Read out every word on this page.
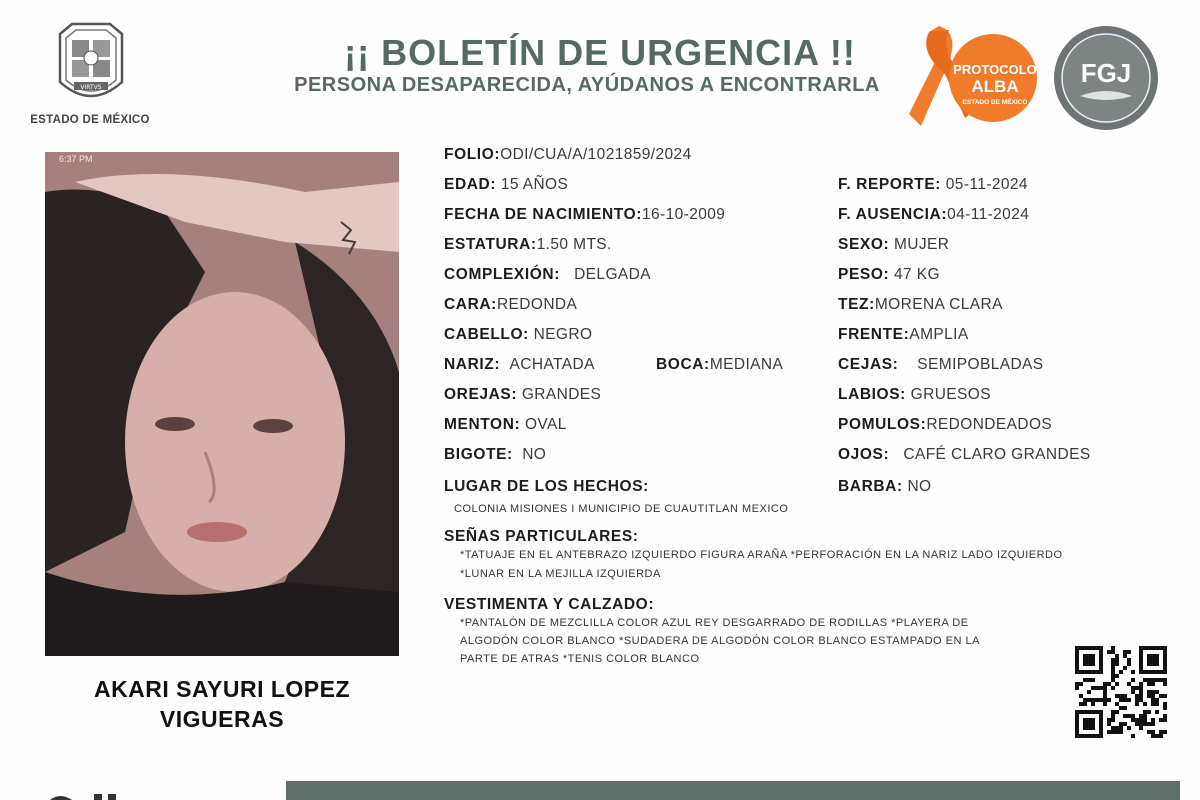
VIRTVS
ESTADO DE MÉXICO
¡¡ BOLETÍN DE URGENCIA !!
PERSONA DESAPARECIDA, AYÚDANOS A ENCONTRARLA
PROTOCOLO
ALBA
ESTADO DE MÉXICO
FGJ
6:37 PM
AKARI SAYURI LOPEZ
VIGUERAS
FOLIO:ODI/CUA/A/1021859/2024
EDAD: 15 AÑOS
FECHA DE NACIMIENTO:16-10-2009
ESTATURA:1.50 MTS.
COMPLEXIÓN: DELGADA
CARA:REDONDA
CABELLO: NEGRO
NARIZ: ACHATADA	BOCA:MEDIANA
OREJAS: GRANDES
MENTON: OVAL
BIGOTE: NO
F. REPORTE: 05-11-2024
F. AUSENCIA:04-11-2024
SEXO: MUJER
PESO: 47 KG
TEZ:MORENA CLARA
FRENTE:AMPLIA
CEJAS: SEMIPOBLADAS
LABIOS: GRUESOS
POMULOS:REDONDEADOS
OJOS: CAFÉ CLARO GRANDES
BARBA: NO
LUGAR DE LOS HECHOS:
COLONIA MISIONES I MUNICIPIO DE CUAUTITLAN MEXICO
SEÑAS PARTICULARES:
*TATUAJE EN EL ANTEBRAZO IZQUIERDO FIGURA ARAÑA *PERFORACIÓN EN LA NARIZ LADO IZQUIERDO
*LUNAR EN LA MEJILLA IZQUIERDA
VESTIMENTA Y CALZADO:
*PANTALÓN DE MEZCLILLA COLOR AZUL REY DESGARRADO DE RODILLAS *PLAYERA DE
ALGODÓN COLOR BLANCO *SUDADERA DE ALGODÓN COLOR BLANCO ESTAMPADO EN LA
PARTE DE ATRAS *TENIS COLOR BLANCO
